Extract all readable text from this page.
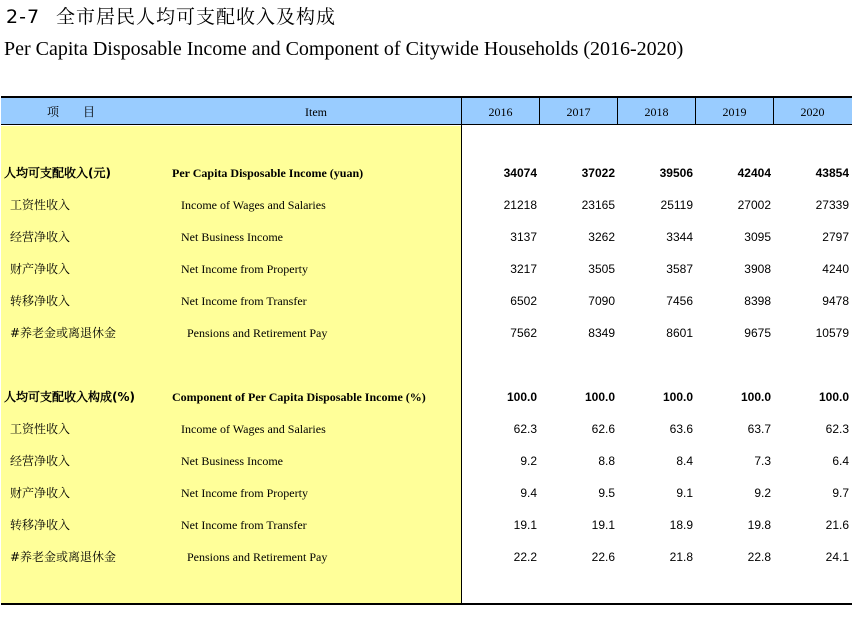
2-7 全市居民人均可支配收入及构成
Per Capita Disposable Income and Component of Citywide Households (2016-2020)
项　　目	Item	2016	2017	2018	2019	2020
人均可支配收入(元)	Per Capita Disposable Income (yuan)	34074	37022	39506	42404	43854
工资性收入	Income of Wages and Salaries	21218	23165	25119	27002	27339
经营净收入	Net Business Income	3137	3262	3344	3095	2797
财产净收入	Net Income from Property	3217	3505	3587	3908	4240
转移净收入	Net Income from Transfer	6502	7090	7456	8398	9478
#养老金或离退休金	Pensions and Retirement Pay	7562	8349	8601	9675	10579
人均可支配收入构成(%)	Component of Per Capita Disposable Income (%)	100.0	100.0	100.0	100.0	100.0
工资性收入	Income of Wages and Salaries	62.3	62.6	63.6	63.7	62.3
经营净收入	Net Business Income	9.2	8.8	8.4	7.3	6.4
财产净收入	Net Income from Property	9.4	9.5	9.1	9.2	9.7
转移净收入	Net Income from Transfer	19.1	19.1	18.9	19.8	21.6
#养老金或离退休金	Pensions and Retirement Pay	22.2	22.6	21.8	22.8	24.1
